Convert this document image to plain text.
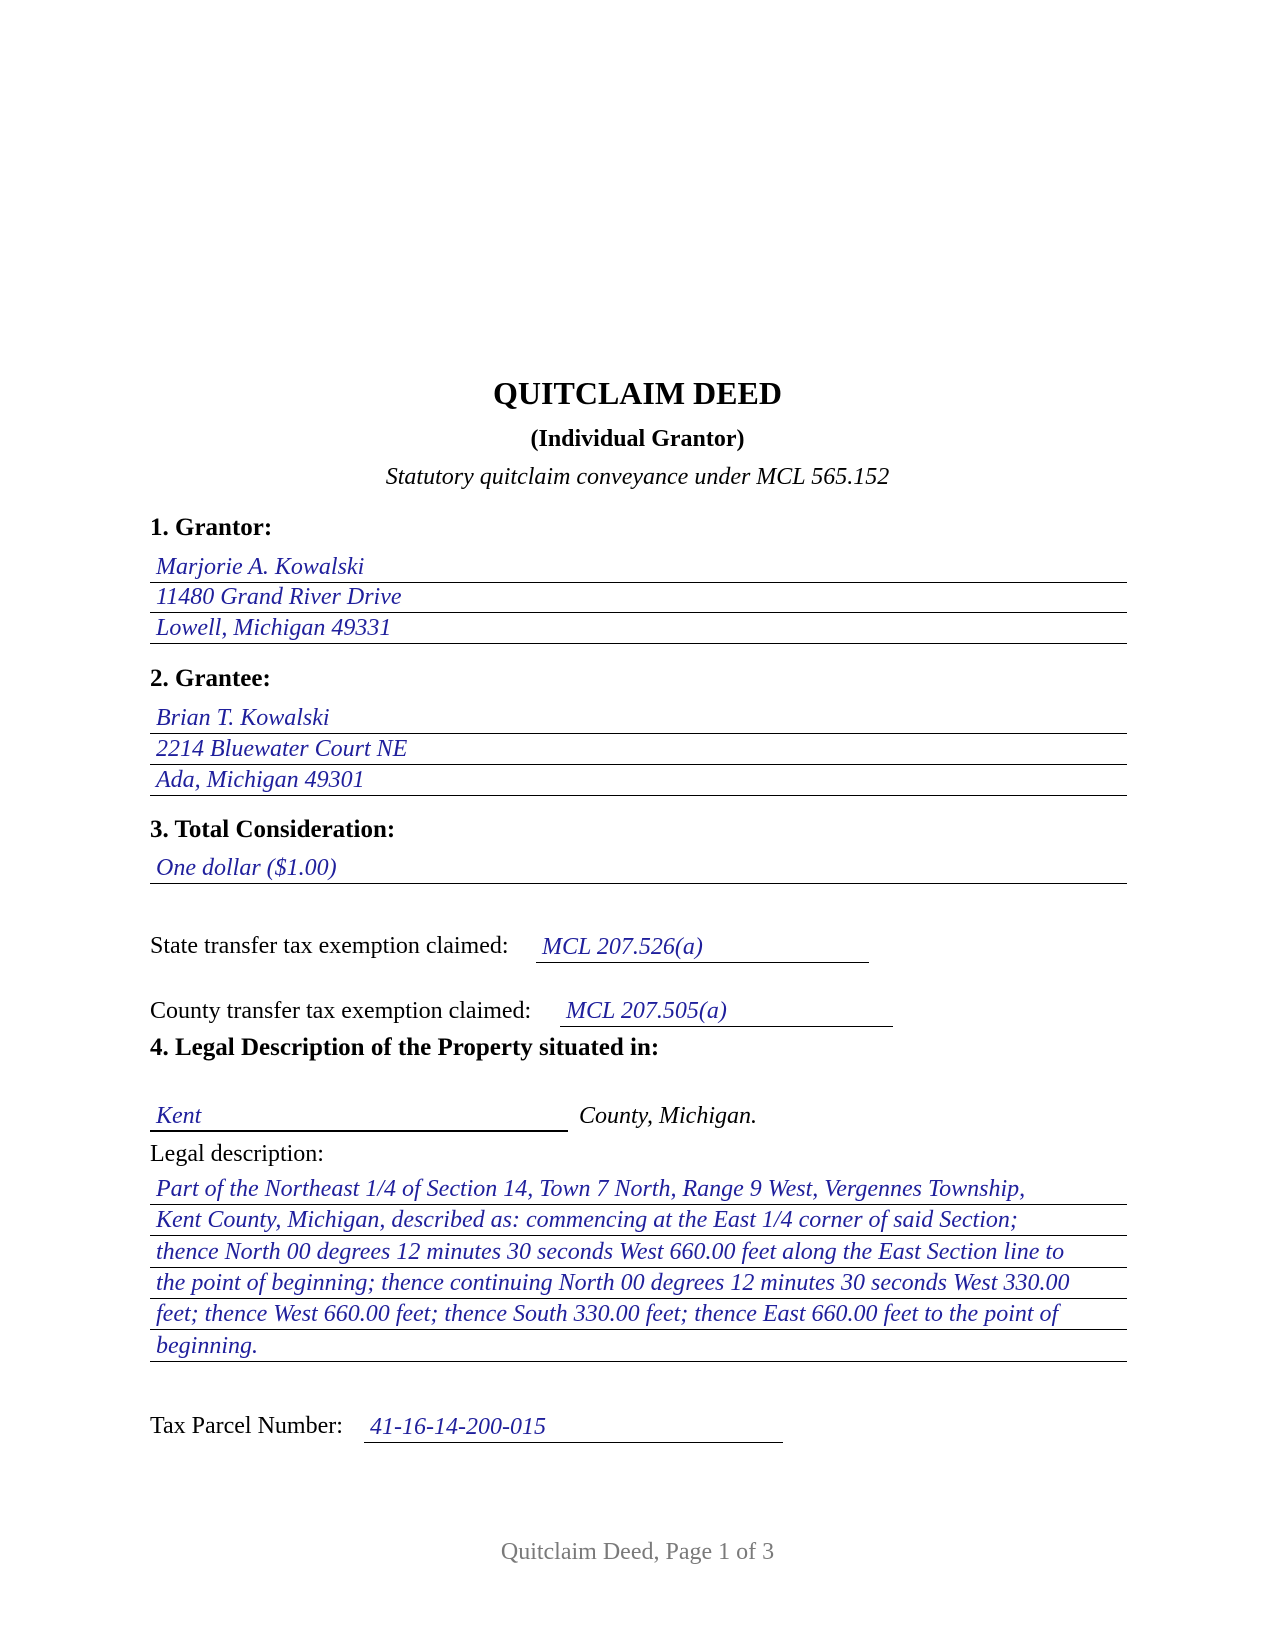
QUITCLAIM DEED
(Individual Grantor)
Statutory quitclaim conveyance under MCL 565.152
1. Grantor:
Marjorie A. Kowalski
11480 Grand River Drive
Lowell, Michigan 49331
2. Grantee:
Brian T. Kowalski
2214 Bluewater Court NE
Ada, Michigan 49301
3. Total Consideration:
One dollar ($1.00)
State transfer tax exemption claimed: MCL 207.526(a)
County transfer tax exemption claimed: MCL 207.505(a)
4. Legal Description of the Property situated in:
Kent	County, Michigan.
Legal description:
Part of the Northeast 1/4 of Section 14, Town 7 North, Range 9 West, Vergennes Township,
Kent County, Michigan, described as: commencing at the East 1/4 corner of said Section;
thence North 00 degrees 12 minutes 30 seconds West 660.00 feet along the East Section line to
the point of beginning; thence continuing North 00 degrees 12 minutes 30 seconds West 330.00
feet; thence West 660.00 feet; thence South 330.00 feet; thence East 660.00 feet to the point of
beginning.
Tax Parcel Number: 41-16-14-200-015
Quitclaim Deed, Page 1 of 3
